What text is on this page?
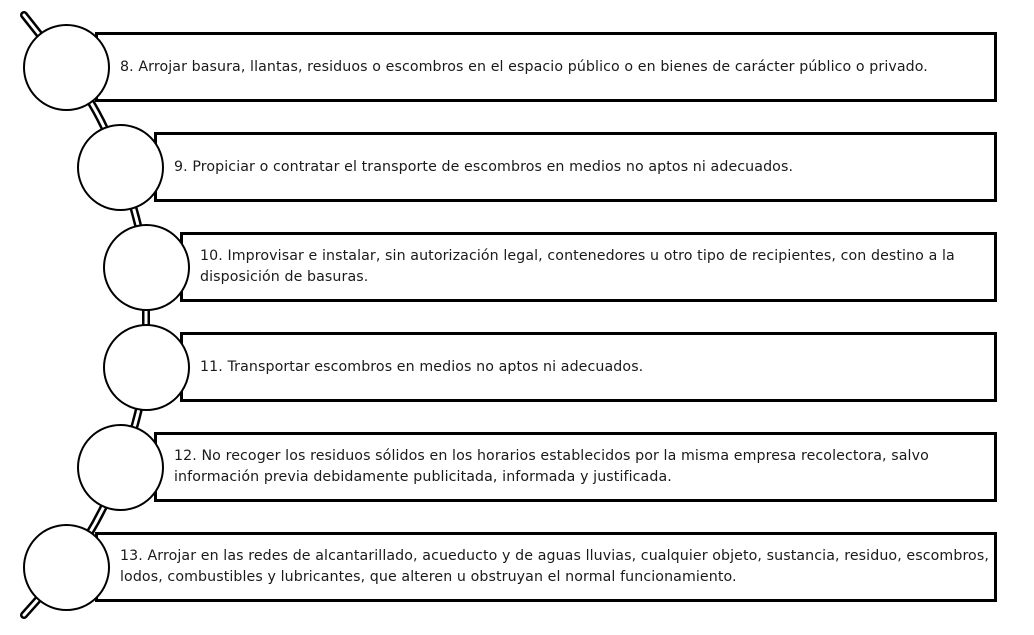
8. Arrojar basura, llantas, residuos o escombros en el espacio público o en bienes de carácter público o privado.
9. Propiciar o contratar el transporte de escombros en medios no aptos ni adecuados.
10. Improvisar e instalar, sin autorización legal, contenedores u otro tipo de recipientes, con destino a la disposición de basuras.
11. Transportar escombros en medios no aptos ni adecuados.
12. No recoger los residuos sólidos en los horarios establecidos por la misma empresa recolectora, salvo información previa debidamente publicitada, informada y justificada.
13. Arrojar en las redes de alcantarillado, acueducto y de aguas lluvias, cualquier objeto, sustancia, residuo, escombros, lodos, combustibles y lubricantes, que alteren u obstruyan el normal funcionamiento.
